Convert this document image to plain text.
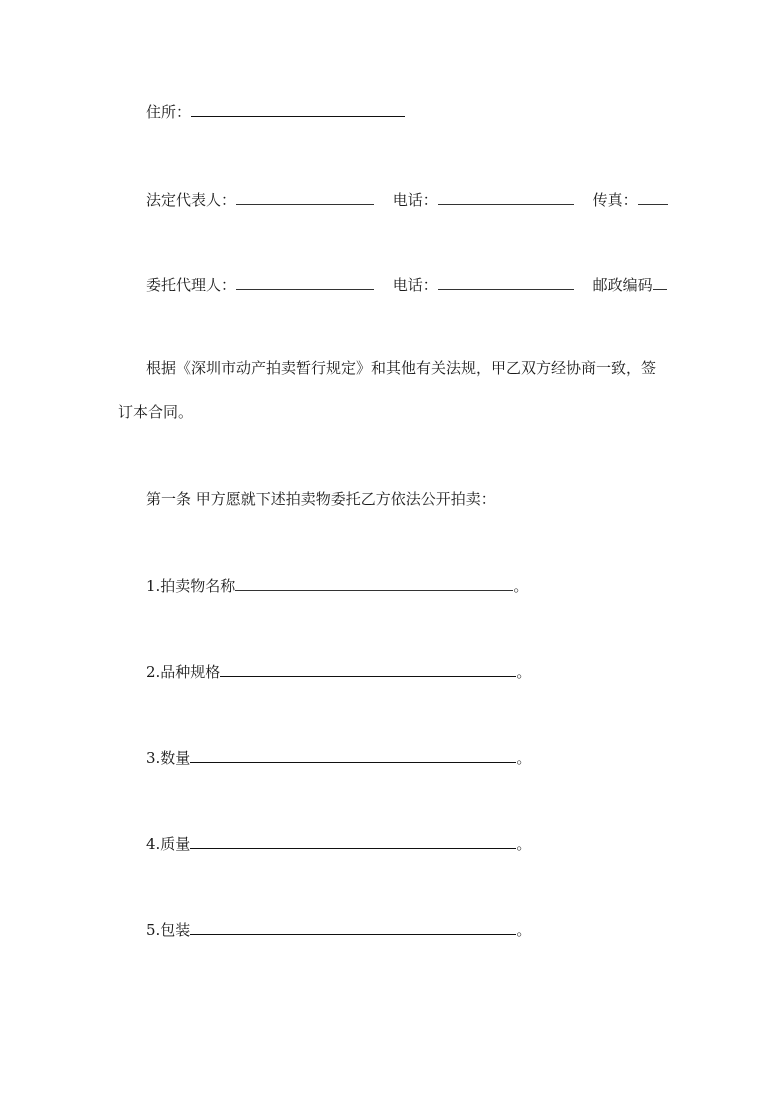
住所：
法定代表人：	电话：	传真：
委托代理人：	电话：	邮政编码
根据《深圳市动产拍卖暂行规定》和其他有关法规，甲乙双方经协商一致，签
订本合同。
第一条 甲方愿就下述拍卖物委托乙方依法公开拍卖：
1.拍卖物名称	。
2.品种规格	。
3.数量	。
4.质量	。
5.包装	。
